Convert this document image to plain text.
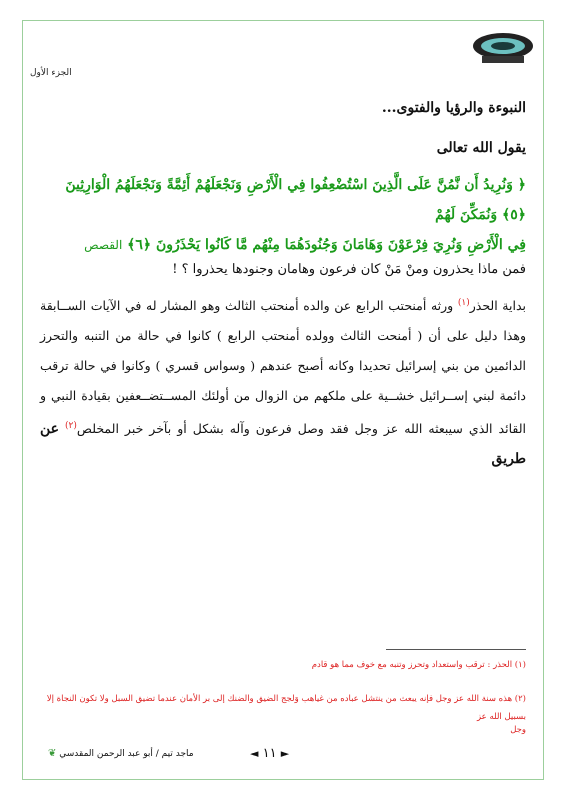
الجزء الأول
النبوءة والرؤيا والفتوى...
يقول الله تعالى
﴿ وَنُرِيدُ أَن نَّمُنَّ عَلَى الَّذِينَ اسْتُضْعِفُوا فِي الْأَرْضِ وَنَجْعَلَهُمْ أَئِمَّةً وَنَجْعَلَهُمُ الْوَارِثِينَ ﴿٥﴾ وَنُمَكِّنَ لَهُمْ
فِي الْأَرْضِ وَنُرِيَ فِرْعَوْنَ وَهَامَانَ وَجُنُودَهُمَا مِنْهُم مَّا كَانُوا يَحْذَرُونَ ﴿٦﴾ القصص
فمن ماذا يحذرون ومنْ مَنْ كان فرعون وهامان وجنودها يحذروا ؟ !
بداية الحذر$^{(١)}$ ورثه أمنحتب الرابع عن والده أمنحتب الثالث وهو المشار له في الآيات الســابقة وهذا دليل على أن ( أمنحت الثالث وولده أمنحتب الرابع ) كانوا في حالة من التنبه والتحرز الدائمين من بني إسرائيل تحديدا وكانه أصبح عندهم ( وسواس قسري ) وكانوا في حالة ترقب دائمة لبني إســرائيل خشــية على ملكهم من الزوال من أولئك المســتضــعفين بقيادة النبي و القائد الذي سيبعثه الله عز وجل فقد وصل فرعون وآله بشكل أو بآخر خبر المخلص$^{(٢)}$ عن طريق
(١) الحذر : ترقب واستعداد وتحرز وتنبه مع خوف مما هو قادم
(٢) هذه سنة الله عز وجل فإنه يبعث من ينتشل عباده من غياهب وَلجج الضيق والضنك إلى بر الأمان عندما تضيق السبل ولا تكون النجاة إلا بسبيل الله عز
وجل
◄ ١١ ►
ماجد تيم / أبو عبد الرحمن المقدسي ❦
